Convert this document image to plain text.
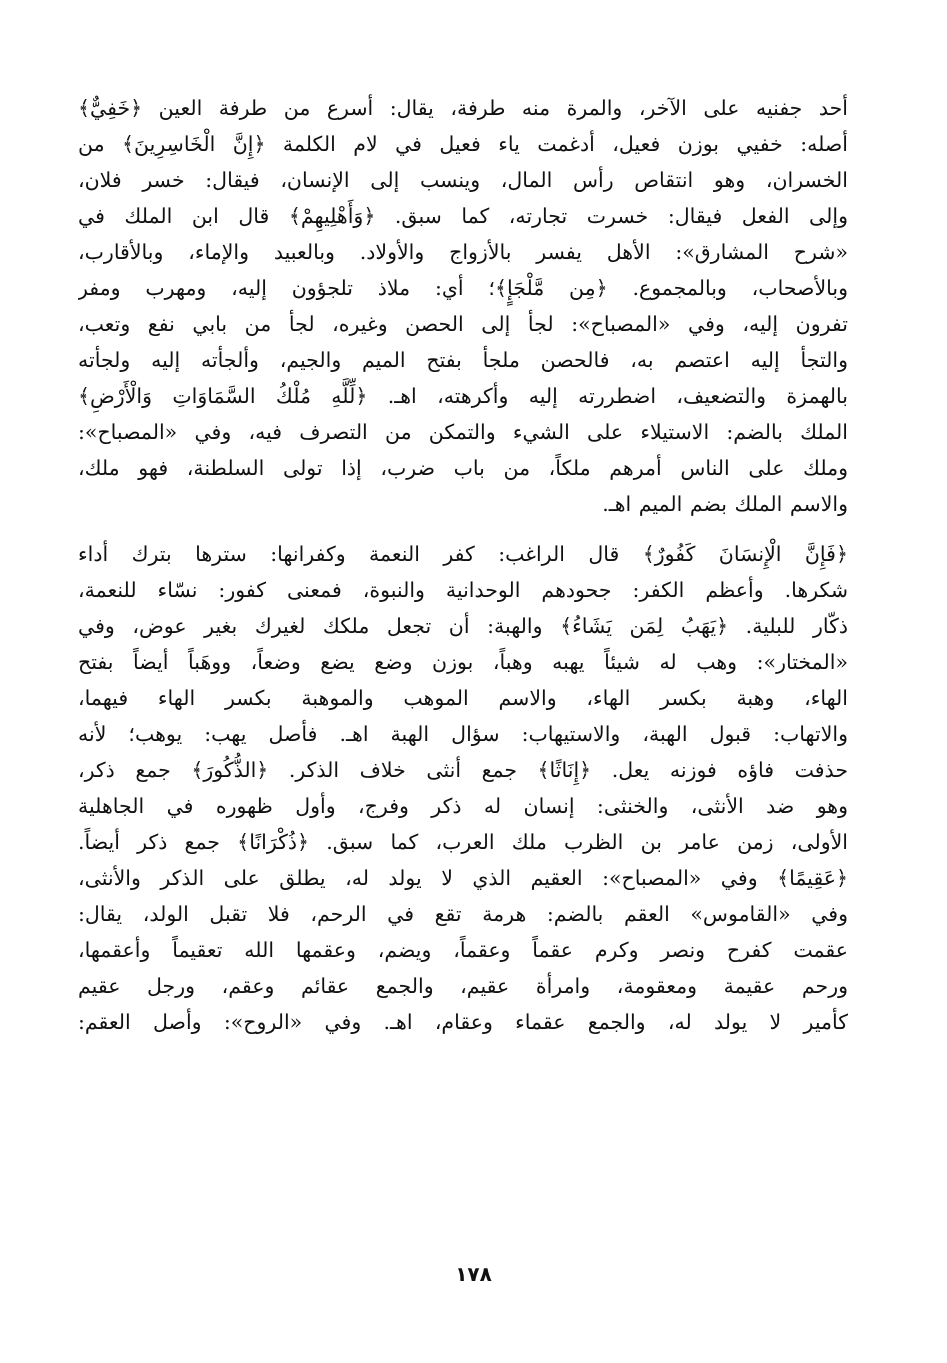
أحد جفنيه على الآخر، والمرة منه طرفة، يقال: أسرع من طرفة العين ﴿خَفِيٌّ﴾
أصله: خفيي بوزن فعيل، أدغمت ياء فعيل في لام الكلمة ﴿إِنَّ الْخَاسِرِينَ﴾ من
الخسران، وهو انتقاص رأس المال، وينسب إلى الإنسان، فيقال: خسر فلان،
وإلى الفعل فيقال: خسرت تجارته، كما سبق. ﴿وَأَهْلِيهِمْ﴾ قال ابن الملك في
«شرح المشارق»: الأهل يفسر بالأزواج والأولاد. وبالعبيد والإماء، وبالأقارب،
وبالأصحاب، وبالمجموع. ﴿مِن مَّلْجَإٍ﴾؛ أي: ملاذ تلجؤون إليه، ومهرب ومفر
تفرون إليه، وفي «المصباح»: لجأ إلى الحصن وغيره، لجأ من بابي نفع وتعب،
والتجأ إليه اعتصم به، فالحصن ملجأ بفتح الميم والجيم، وألجأته إليه ولجأته
بالهمزة والتضعيف، اضطررته إليه وأكرهته، اهـ. ﴿لِّلَّهِ مُلْكُ السَّمَاوَاتِ وَالْأَرْضِ﴾
الملك بالضم: الاستيلاء على الشيء والتمكن من التصرف فيه، وفي «المصباح»:
وملك على الناس أمرهم ملكاً، من باب ضرب، إذا تولى السلطنة، فهو ملك،
والاسم الملك بضم الميم اهـ.
﴿فَإِنَّ الْإِنسَانَ كَفُورٌ﴾ قال الراغب: كفر النعمة وكفرانها: سترها بترك أداء
شكرها. وأعظم الكفر: جحودهم الوحدانية والنبوة، فمعنى كفور: نسّاء للنعمة،
ذكّار للبلية. ﴿يَهَبُ لِمَن يَشَاءُ﴾ والهبة: أن تجعل ملكك لغيرك بغير عوض، وفي
«المختار»: وهب له شيئاً يهبه وهباً، بوزن وضع يضع وضعاً، ووهَباً أيضاً بفتح
الهاء، وهبة بكسر الهاء، والاسم الموهب والموهبة بكسر الهاء فيهما،
والاتهاب: قبول الهبة، والاستيهاب: سؤال الهبة اهـ. فأصل يهب: يوهب؛ لأنه
حذفت فاؤه فوزنه يعل. ﴿إِنَاثًا﴾ جمع أنثى خلاف الذكر. ﴿الذُّكُورَ﴾ جمع ذكر،
وهو ضد الأنثى، والخنثى: إنسان له ذكر وفرج، وأول ظهوره في الجاهلية
الأولى، زمن عامر بن الظرب ملك العرب، كما سبق. ﴿ذُكْرَانًا﴾ جمع ذكر أيضاً.
﴿عَقِيمًا﴾ وفي «المصباح»: العقيم الذي لا يولد له، يطلق على الذكر والأنثى،
وفي «القاموس» العقم بالضم: هرمة تقع في الرحم، فلا تقبل الولد، يقال:
عقمت كفرح ونصر وكرم عقماً وعقماً، ويضم، وعقمها الله تعقيماً وأعقمها،
ورحم عقيمة ومعقومة، وامرأة عقيم، والجمع عقائم وعقم، ورجل عقيم
كأمير لا يولد له، والجمع عقماء وعقام، اهـ. وفي «الروح»: وأصل العقم:
١٧٨
